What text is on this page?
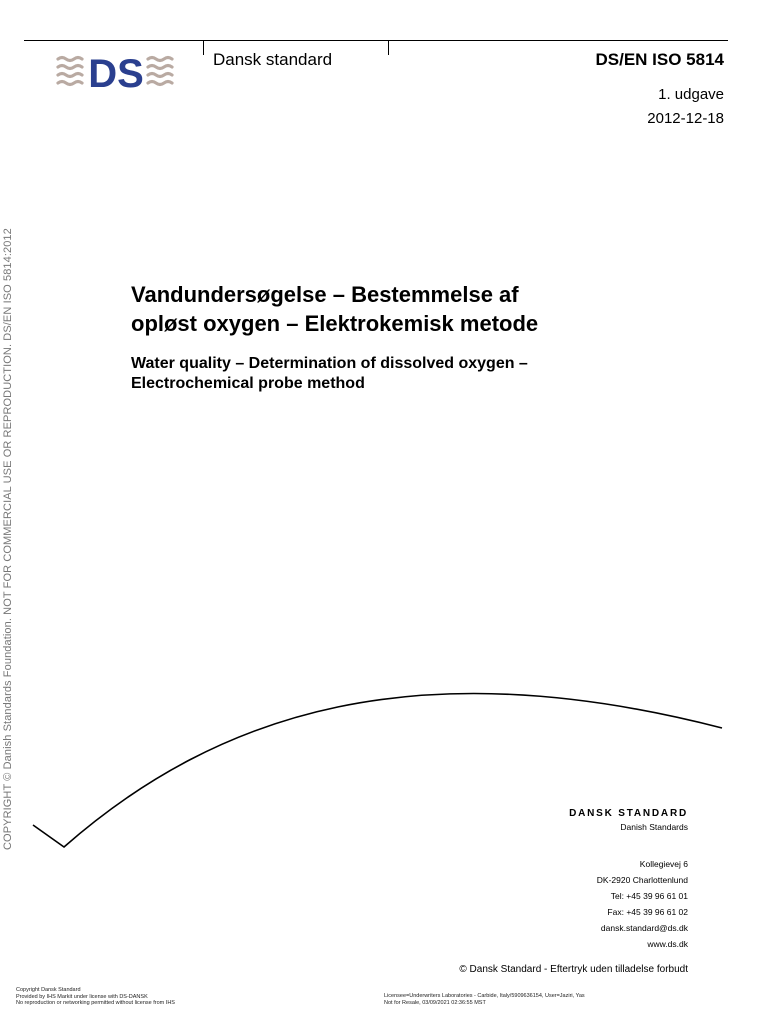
DS	Dansk standard	DS/EN ISO 5814
1. udgave
2012-12-18
COPYRIGHT © Danish Standards Foundation. NOT FOR COMMERCIAL USE OR REPRODUCTION. DS/EN ISO 5814:2012	Vandundersøgelse – Bestemmelse af
opløst oxygen – Elektrokemisk metode
Water quality – Determination of dissolved oxygen –
Electrochemical probe method
DANSK STANDARD
Danish Standards
Kollegievej 6
DK-2920 Charlottenlund
Tel: +45 39 96 61 01
Fax: +45 39 96 61 02
dansk.standard@ds.dk
www.ds.dk
© Dansk Standard - Eftertryk uden tilladelse forbudt
Copyright Dansk Standard
Provided by IHS Markit under license with DS-DANSK
No reproduction or networking permitted without license from IHS
Licensee=Underwriters Laboratories - Carbide, Italy/5909636154, User=Jaziri, Yas
Not for Resale, 03/09/2021 02:36:55 MST
